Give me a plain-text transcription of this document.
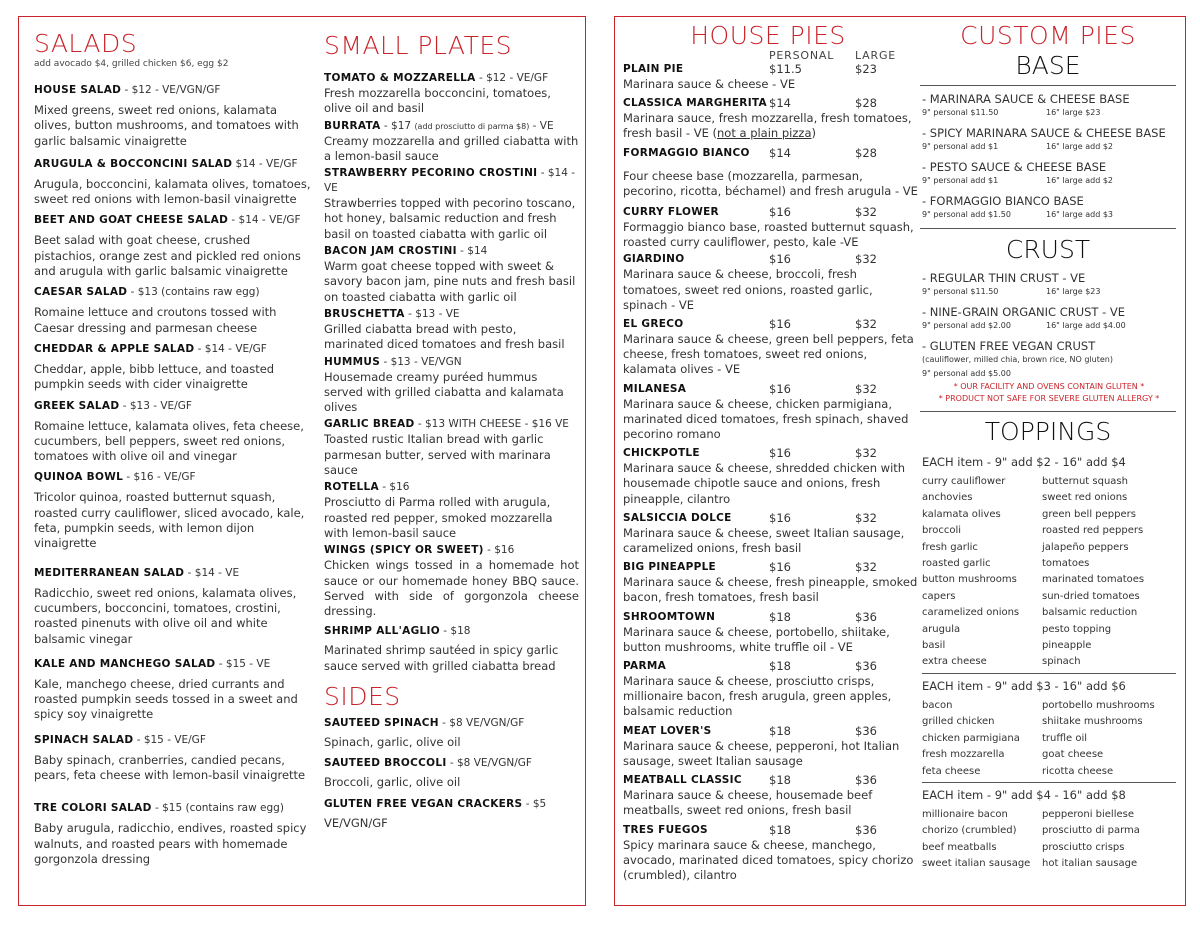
SALADS
add avocado $4, grilled chicken $6, egg $2
HOUSE SALAD - $12 - VE/VGN/GF
Mixed greens, sweet red onions, kalamata olives, button mushrooms, and tomatoes with garlic balsamic vinaigrette
ARUGULA & BOCCONCINI SALAD $14 - VE/GF
Arugula, bocconcini, kalamata olives, tomatoes, sweet red onions with lemon-basil vinaigrette
BEET AND GOAT CHEESE SALAD - $14 - VE/GF
Beet salad with goat cheese, crushed pistachios, orange zest and pickled red onions and arugula with garlic balsamic vinaigrette
CAESAR SALAD - $13 (contains raw egg)
Romaine lettuce and croutons tossed with Caesar dressing and parmesan cheese
CHEDDAR & APPLE SALAD - $14 - VE/GF
Cheddar, apple, bibb lettuce, and toasted pumpkin seeds with cider vinaigrette
GREEK SALAD - $13 - VE/GF
Romaine lettuce, kalamata olives, feta cheese, cucumbers, bell peppers, sweet red onions, tomatoes with olive oil and vinegar
QUINOA BOWL - $16 - VE/GF
Tricolor quinoa, roasted butternut squash, roasted curry cauliflower, sliced avocado, kale, feta, pumpkin seeds, with lemon dijon vinaigrette
MEDITERRANEAN SALAD - $14 - VE
Radicchio, sweet red onions, kalamata olives, cucumbers, bocconcini, tomatoes, crostini, roasted pinenuts with olive oil and white balsamic vinegar
KALE AND MANCHEGO SALAD - $15 - VE
Kale, manchego cheese, dried currants and roasted pumpkin seeds tossed in a sweet and spicy soy vinaigrette
SPINACH SALAD - $15 - VE/GF
Baby spinach, cranberries, candied pecans, pears, feta cheese with lemon-basil vinaigrette
TRE COLORI SALAD - $15 (contains raw egg)
Baby arugula, radicchio, endives, roasted spicy walnuts, and roasted pears with homemade gorgonzola dressing
SMALL PLATES
TOMATO & MOZZARELLA - $12 - VE/GF
Fresh mozzarella bocconcini, tomatoes, olive oil and basil
BURRATA - $17 (add prosciutto di parma $8) - VE
Creamy mozzarella and grilled ciabatta with a lemon-basil sauce
STRAWBERRY PECORINO CROSTINI - $14 - VE
Strawberries topped with pecorino toscano, hot honey, balsamic reduction and fresh basil on toasted ciabatta with garlic oil
BACON JAM CROSTINI - $14
Warm goat cheese topped with sweet & savory bacon jam, pine nuts and fresh basil on toasted ciabatta with garlic oil
BRUSCHETTA - $13 - VE
Grilled ciabatta bread with pesto, marinated diced tomatoes and fresh basil
HUMMUS - $13 - VE/VGN
Housemade creamy puréed hummus served with grilled ciabatta and kalamata olives
GARLIC BREAD - $13 WITH CHEESE - $16 VE
Toasted rustic Italian bread with garlic parmesan butter, served with marinara sauce
ROTELLA - $16
Prosciutto di Parma rolled with arugula, roasted red pepper, smoked mozzarella with lemon-basil sauce
WINGS (SPICY OR SWEET) - $16
Chicken wings tossed in a homemade hot sauce or our homemade honey BBQ sauce. Served with side of gorgonzola cheese dressing.
SHRIMP ALL'AGLIO - $18
Marinated shrimp sautéed in spicy garlic sauce served with grilled ciabatta bread
SIDES
SAUTEED SPINACH - $8 VE/VGN/GF
Spinach, garlic, olive oil
SAUTEED BROCCOLI - $8 VE/VGN/GF
Broccoli, garlic, olive oil
GLUTEN FREE VEGAN CRACKERS - $5
VE/VGN/GF
HOUSE PIES
PERSONAL	LARGE
PLAIN PIE	$11.5	$23
Marinara sauce & cheese - VE
CLASSICA MARGHERITA $14	$28
Marinara sauce, fresh mozzarella, fresh tomatoes, fresh basil - VE (not a plain pizza)
FORMAGGIO BIANCO	$14	$28
Four cheese base (mozzarella, parmesan, pecorino, ricotta, béchamel) and fresh arugula - VE
CURRY FLOWER	$16	$32
Formaggio bianco base, roasted butternut squash, roasted curry cauliflower, pesto, kale -VE
GIARDINO	$16	$32
Marinara sauce & cheese, broccoli, fresh tomatoes, sweet red onions, roasted garlic, spinach - VE
EL GRECO	$16	$32
Marinara sauce & cheese, green bell peppers, feta cheese, fresh tomatoes, sweet red onions, kalamata olives - VE
MILANESA	$16	$32
Marinara sauce & cheese, chicken parmigiana, marinated diced tomatoes, fresh spinach, shaved pecorino romano
CHICKPOTLE	$16	$32
Marinara sauce & cheese, shredded chicken with housemade chipotle sauce and onions, fresh pineapple, cilantro
SALSICCIA DOLCE	$16	$32
Marinara sauce & cheese, sweet Italian sausage, caramelized onions, fresh basil
BIG PINEAPPLE	$16	$32
Marinara sauce & cheese, fresh pineapple, smoked bacon, fresh tomatoes, fresh basil
SHROOMTOWN	$18	$36
Marinara sauce & cheese, portobello, shiitake, button mushrooms, white truffle oil - VE
PARMA	$18	$36
Marinara sauce & cheese, prosciutto crisps, millionaire bacon, fresh arugula, green apples, balsamic reduction
MEAT LOVER'S	$18	$36
Marinara sauce & cheese, pepperoni, hot Italian sausage, sweet Italian sausage
MEATBALL CLASSIC	$18	$36
Marinara sauce & cheese, housemade beef meatballs, sweet red onions, fresh basil
TRES FUEGOS	$18	$36
Spicy marinara sauce & cheese, manchego, avocado, marinated diced tomatoes, spicy chorizo (crumbled), cilantro
CUSTOM PIES
BASE
- MARINARA SAUCE & CHEESE BASE
9" personal $11.50	16" large $23
- SPICY MARINARA SAUCE & CHEESE BASE
9" personal add $1	16" large add $2
- PESTO SAUCE & CHEESE BASE
9" personal add $1	16" large add $2
- FORMAGGIO BIANCO BASE
9" personal add $1.50	16" large add $3
CRUST
- REGULAR THIN CRUST - VE
9" personal $11.50	16" large $23
- NINE-GRAIN ORGANIC CRUST - VE
9" personal add $2.00	16" large add $4.00
- GLUTEN FREE VEGAN CRUST
(cauliflower, milled chia, brown rice, NO gluten)
9" personal add $5.00
* OUR FACILITY AND OVENS CONTAIN GLUTEN *
* PRODUCT NOT SAFE FOR SEVERE GLUTEN ALLERGY *
TOPPINGS
EACH item - 9" add $2 - 16" add $4
curry cauliflower	butternut squash
anchovies	sweet red onions
kalamata olives	green bell peppers
broccoli	roasted red peppers
fresh garlic	jalapeño peppers
roasted garlic	tomatoes
button mushrooms	marinated tomatoes
capers	sun-dried tomatoes
caramelized onions	balsamic reduction
arugula	pesto topping
basil	pineapple
extra cheese	spinach
EACH item - 9" add $3 - 16" add $6
bacon	portobello mushrooms
grilled chicken	shiitake mushrooms
chicken parmigiana	truffle oil
fresh mozzarella	goat cheese
feta cheese	ricotta cheese
EACH item - 9" add $4 - 16" add $8
millionaire bacon	pepperoni biellese
chorizo (crumbled)	prosciutto di parma
beef meatballs	prosciutto crisps
sweet italian sausage	hot italian sausage
